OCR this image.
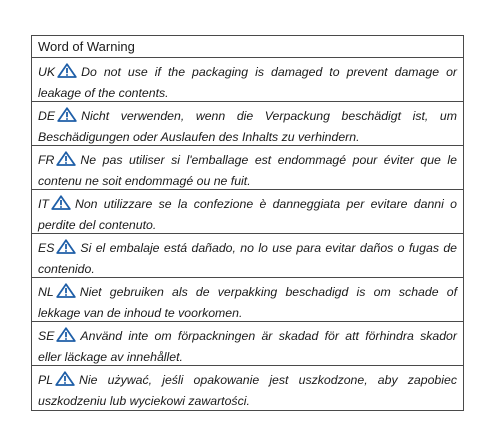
Word of Warning
UK Do not use if the packaging is damaged to prevent damage or leakage of the contents.
DE Nicht verwenden, wenn die Verpackung beschädigt ist, um Beschädigungen oder Auslaufen des Inhalts zu verhindern.
FR Ne pas utiliser si l'emballage est endommagé pour éviter que le contenu ne soit endommagé ou ne fuit.
IT Non utilizzare se la confezione è danneggiata per evitare danni o perdite del contenuto.
ES Si el embalaje está dañado, no lo use para evitar daños o fugas de contenido.
NL Niet gebruiken als de verpakking beschadigd is om schade of lekkage van de inhoud te voorkomen.
SE Använd inte om förpackningen är skadad för att förhindra skador eller läckage av innehållet.
PL Nie używać, jeśli opakowanie jest uszkodzone, aby zapobiec uszkodzeniu lub wyciekowi zawartości.
